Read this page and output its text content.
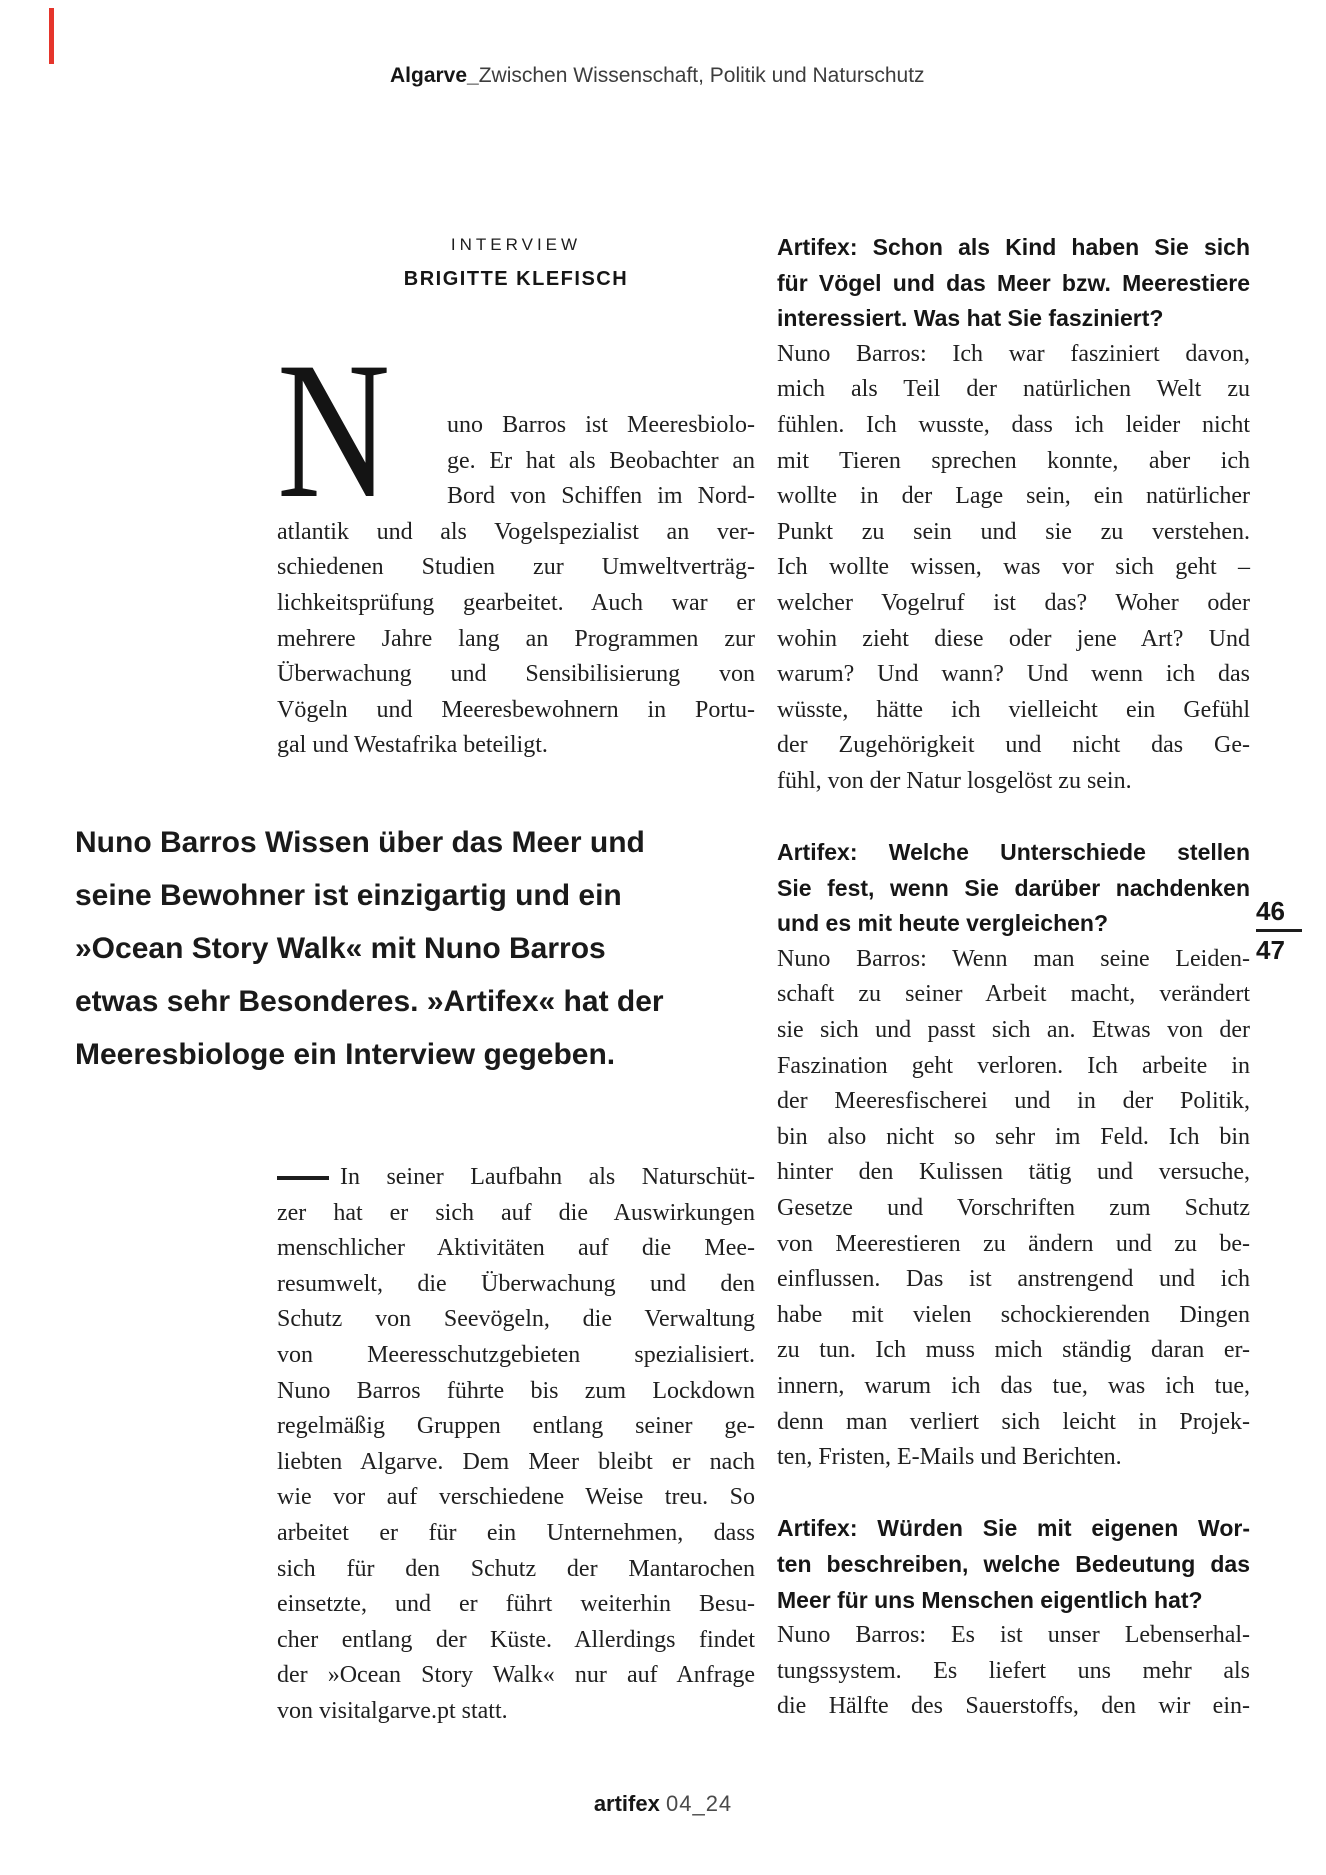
Algarve_Zwischen Wissenschaft, Politik und Naturschutz
INTERVIEW
BRIGITTE KLEFISCH
N uno Barros ist Meeresbiolo-
ge. Er hat als Beobachter an
Bord von Schiffen im Nord-
atlantik und als Vogelspezialist an ver-
schiedenen Studien zur Umweltverträg-
lichkeitsprüfung gearbeitet. Auch war er
mehrere Jahre lang an Programmen zur
Überwachung und Sensibilisierung von
Vögeln und Meeresbewohnern in Portu-
gal und Westafrika beteiligt.
Nuno Barros Wissen über das Meer und
seine Bewohner ist einzigartig und ein
»Ocean Story Walk« mit Nuno Barros
etwas sehr Besonderes. »Artifex« hat der
Meeresbiologe ein Interview gegeben.
In seiner Laufbahn als Naturschüt-
zer hat er sich auf die Auswirkungen
menschlicher Aktivitäten auf die Mee-
resumwelt, die Überwachung und den
Schutz von Seevögeln, die Verwaltung
von Meeresschutzgebieten spezialisiert.
Nuno Barros führte bis zum Lockdown
regelmäßig Gruppen entlang seiner ge-
liebten Algarve. Dem Meer bleibt er nach
wie vor auf verschiedene Weise treu. So
arbeitet er für ein Unternehmen, dass
sich für den Schutz der Mantarochen
einsetzte, und er führt weiterhin Besu-
cher entlang der Küste. Allerdings findet
der »Ocean Story Walk« nur auf Anfrage
von visitalgarve.pt statt.
Artifex: Schon als Kind haben Sie sich
für Vögel und das Meer bzw. Meerestiere
interessiert. Was hat Sie fasziniert?
Nuno Barros: Ich war fasziniert davon,
mich als Teil der natürlichen Welt zu
fühlen. Ich wusste, dass ich leider nicht
mit Tieren sprechen konnte, aber ich
wollte in der Lage sein, ein natürlicher
Punkt zu sein und sie zu verstehen.
Ich wollte wissen, was vor sich geht –
welcher Vogelruf ist das? Woher oder
wohin zieht diese oder jene Art? Und
warum? Und wann? Und wenn ich das
wüsste, hätte ich vielleicht ein Gefühl
der Zugehörigkeit und nicht das Ge-
fühl, von der Natur losgelöst zu sein.
Artifex: Welche Unterschiede stellen
Sie fest, wenn Sie darüber nachdenken
und es mit heute vergleichen?
Nuno Barros: Wenn man seine Leiden-
schaft zu seiner Arbeit macht, verändert
sie sich und passt sich an. Etwas von der
Faszination geht verloren. Ich arbeite in
der Meeresfischerei und in der Politik,
bin also nicht so sehr im Feld. Ich bin
hinter den Kulissen tätig und versuche,
Gesetze und Vorschriften zum Schutz
von Meerestieren zu ändern und zu be-
einflussen. Das ist anstrengend und ich
habe mit vielen schockierenden Dingen
zu tun. Ich muss mich ständig daran er-
innern, warum ich das tue, was ich tue,
denn man verliert sich leicht in Projek-
ten, Fristen, E-Mails und Berichten.
Artifex: Würden Sie mit eigenen Wor-
ten beschreiben, welche Bedeutung das
Meer für uns Menschen eigentlich hat?
Nuno Barros: Es ist unser Lebenserhal-
tungssystem. Es liefert uns mehr als
die Hälfte des Sauerstoffs, den wir ein-
46
47
artifex 04_24
